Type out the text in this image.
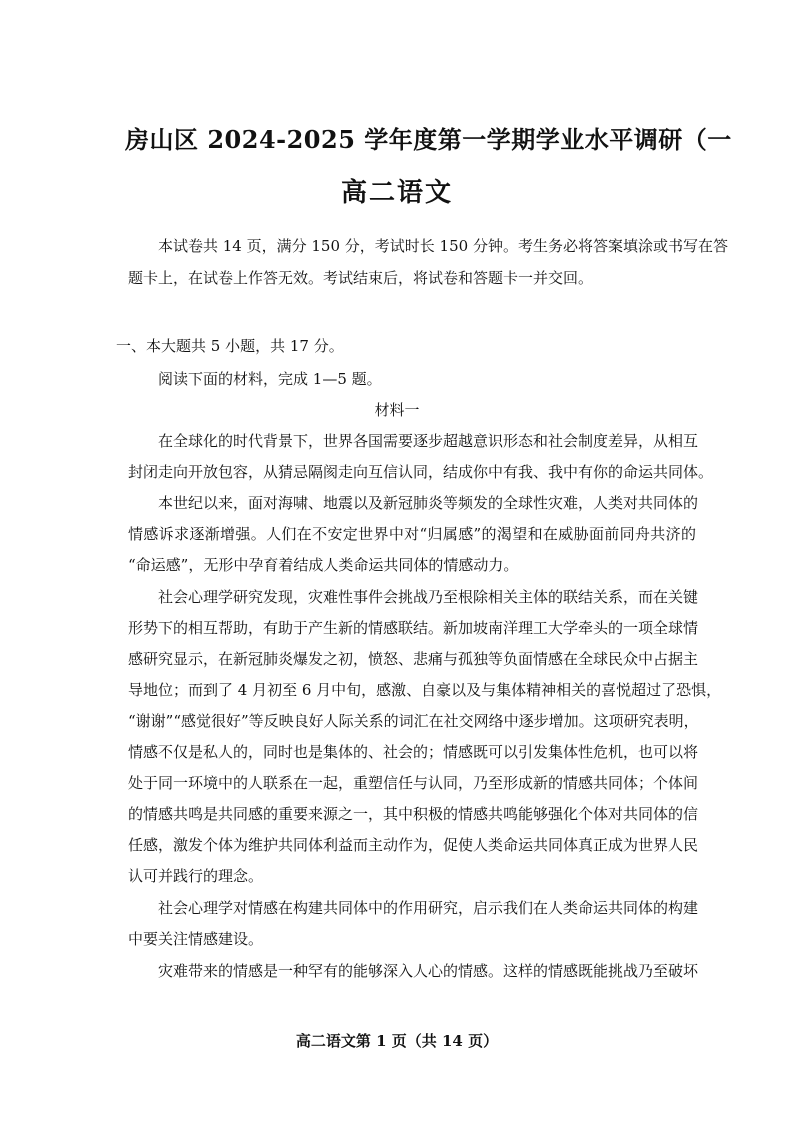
房山区 2024-2025 学年度第一学期学业水平调研（一
高二语文
本试卷共 14 页，满分 150 分，考试时长 150 分钟。考生务必将答案填涂或书写在答
题卡上，在试卷上作答无效。考试结束后，将试卷和答题卡一并交回。
一、本大题共 5 小题，共 17 分。
阅读下面的材料，完成 1—5 题。
材料一
在全球化的时代背景下，世界各国需要逐步超越意识形态和社会制度差异，从相互
封闭走向开放包容，从猜忌隔阂走向互信认同，结成你中有我、我中有你的命运共同体。
本世纪以来，面对海啸、地震以及新冠肺炎等频发的全球性灾难，人类对共同体的
情感诉求逐渐增强。人们在不安定世界中对“归属感”的渴望和在威胁面前同舟共济的
“命运感”，无形中孕育着结成人类命运共同体的情感动力。
社会心理学研究发现，灾难性事件会挑战乃至根除相关主体的联结关系，而在关键
形势下的相互帮助，有助于产生新的情感联结。新加坡南洋理工大学牵头的一项全球情
感研究显示，在新冠肺炎爆发之初，愤怒、悲痛与孤独等负面情感在全球民众中占据主
导地位；而到了 4 月初至 6 月中旬，感激、自豪以及与集体精神相关的喜悦超过了恐惧，
“谢谢”“感觉很好”等反映良好人际关系的词汇在社交网络中逐步增加。这项研究表明，
情感不仅是私人的，同时也是集体的、社会的；情感既可以引发集体性危机，也可以将
处于同一环境中的人联系在一起，重塑信任与认同，乃至形成新的情感共同体；个体间
的情感共鸣是共同感的重要来源之一，其中积极的情感共鸣能够强化个体对共同体的信
任感，激发个体为维护共同体利益而主动作为，促使人类命运共同体真正成为世界人民
认可并践行的理念。
社会心理学对情感在构建共同体中的作用研究，启示我们在人类命运共同体的构建
中要关注情感建设。
灾难带来的情感是一种罕有的能够深入人心的情感。这样的情感既能挑战乃至破坏
高二语文第 1 页（共 14 页）
